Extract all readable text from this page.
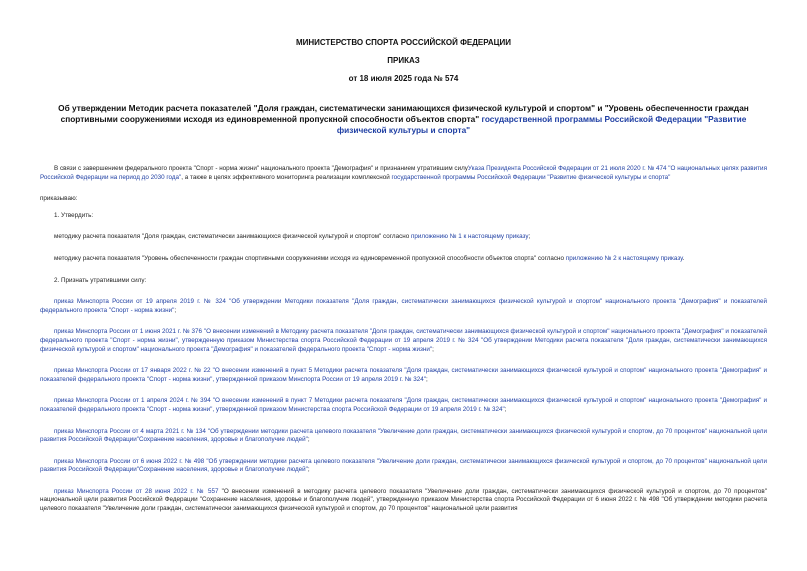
МИНИСТЕРСТВО СПОРТА РОССИЙСКОЙ ФЕДЕРАЦИИ
ПРИКАЗ
от 18 июля 2025 года № 574
Об утверждении Методик расчета показателей "Доля граждан, систематически занимающихся физической культурой и спортом" и "Уровень обеспеченности граждан спортивными сооружениями исходя из единовременной пропускной способности объектов спорта" государственной программы Российской Федерации "Развитие физической культуры и спорта"

В связи с завершением федерального проекта "Спорт - норма жизни" национального проекта "Демография" и признанием утратившим силуУказа Президента Российской Федерации от 21 июля 2020 г. № 474 "О национальных целях развития Российской Федерации на период до 2030 года", а также в целях эффективного мониторинга реализации комплексной государственной программы Российской Федерации "Развитие физической культуры и спорта"

приказываю:

1. Утвердить:

методику расчета показателя "Доля граждан, систематически занимающихся физической культурой и спортом" согласно приложению № 1 к настоящему приказу;

методику расчета показателя "Уровень обеспеченности граждан спортивными сооружениями исходя из единовременной пропускной способности объектов спорта" согласно приложению № 2 к настоящему приказу.

2. Признать утратившими силу:

приказ Минспорта России от 19 апреля 2019 г. № 324 "Об утверждении Методики показателя "Доля граждан, систематически занимающихся физической культурой и спортом" национального проекта "Демография" и показателей федерального проекта "Спорт - норма жизни";

приказ Минспорта России от 1 июня 2021 г. № 376 "О внесении изменений в Методику расчета показателя "Доля граждан, систематически занимающихся физической культурой и спортом" национального проекта "Демография" и показателей федерального проекта "Спорт - норма жизни", утвержденную приказом Министерства спорта Российской Федерации от 19 апреля 2019 г. № 324 "Об утверждении Методики расчета показателя "Доля граждан, систематически занимающихся физической культурой и спортом" национального проекта "Демография" и показателей федерального проекта "Спорт - норма жизни";

приказ Минспорта России от 17 января 2022 г. № 22 "О внесении изменений в пункт 5 Методики расчета показателя "Доля граждан, систематически занимающихся физической культурой и спортом" национального проекта "Демография" и показателей федерального проекта "Спорт - норма жизни", утвержденной приказом Минспорта России от 19 апреля 2019 г. № 324";

приказ Минспорта России от 1 апреля 2024 г. № 394 "О внесении изменений в пункт 7 Методики расчета показателя "Доля граждан, систематически занимающихся физической культурой и спортом" национального проекта "Демография" и показателей федерального проекта "Спорт - норма жизни", утвержденной приказом Министерства спорта Российской Федерации от 19 апреля 2019 г. № 324";

приказ Минспорта России от 4 марта 2021 г. № 134 "Об утверждении методики расчета целевого показателя "Увеличение доли граждан, систематически занимающихся физической культурой и спортом, до 70 процентов" национальной цели развития Российской Федерации"Сохранение населения, здоровье и благополучие людей";

приказ Минспорта России от 6 июня 2022 г. № 498 "Об утверждении методики расчета целевого показателя "Увеличение доли граждан, систематически занимающихся физической культурой и спортом, до 70 процентов" национальной цели развития Российской Федерации"Сохранение населения, здоровье и благополучие людей";

приказ Минспорта России от 28 июня 2022 г. № 557 "О внесении изменений в методику расчета целевого показателя "Увеличение доли граждан, систематически занимающихся физической культурой и спортом, до 70 процентов" национальной цели развития Российской Федерации "Сохранение населения, здоровье и благополучие людей", утвержденную приказом Министерства спорта Российской Федерации от 6 июня 2022 г. № 498 "Об утверждении методики расчета целевого показателя "Увеличение доли граждан, систематически занимающихся физической культурой и спортом, до 70 процентов" национальной цели развития
